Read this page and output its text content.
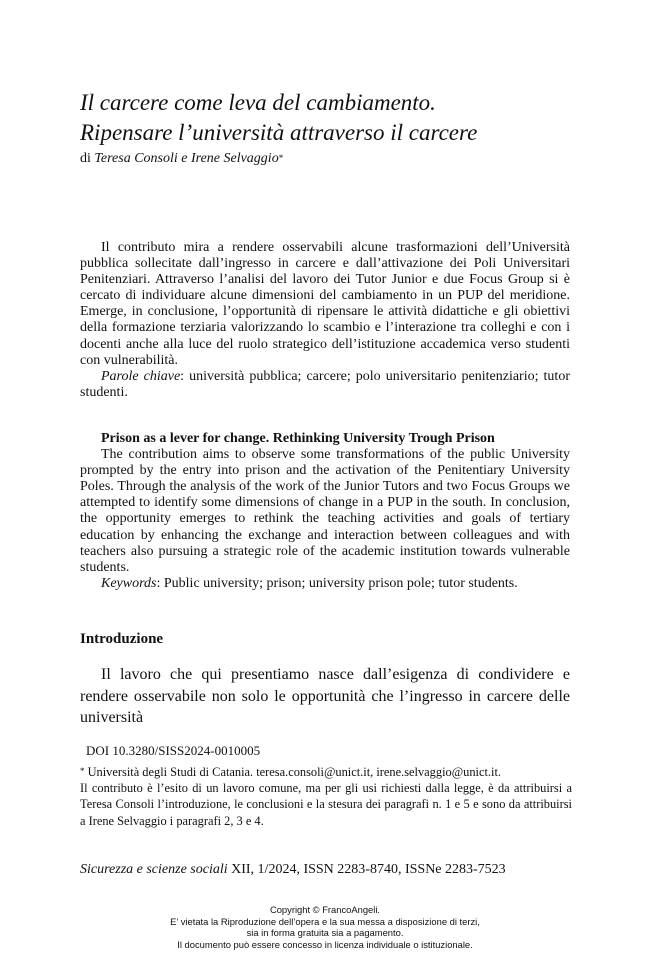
Il carcere come leva del cambiamento.
Ripensare l’università attraverso il carcere
di Teresa Consoli e Irene Selvaggio*

Il contributo mira a rendere osservabili alcune trasformazioni dell’Università pubblica sollecitate dall’ingresso in carcere e dall’attivazione dei Poli Universitari Penitenziari. Attraverso l’analisi del lavoro dei Tutor Junior e due Focus Group si è cercato di individuare alcune dimensioni del cambiamento in un PUP del meridione. Emerge, in conclusione, l’opportunità di ripensare le attività didattiche e gli obiettivi della formazione terziaria valorizzando lo scambio e l’interazione tra colleghi e con i docenti anche alla luce del ruolo strategico dell’istituzione accademica verso studenti con vulnerabilità.

Parole chiave: università pubblica; carcere; polo universitario penitenziario; tutor studenti.

Prison as a lever for change. Rethinking University Trough Prison

The contribution aims to observe some transformations of the public University prompted by the entry into prison and the activation of the Penitentiary University Poles. Through the analysis of the work of the Junior Tutors and two Focus Groups we attempted to identify some dimensions of change in a PUP in the south. In conclusion, the opportunity emerges to rethink the teaching activities and goals of tertiary education by enhancing the exchange and interaction between colleagues and with teachers also pursuing a strategic role of the academic institution towards vulnerable students.

Keywords: Public university; prison; university prison pole; tutor students.

Introduzione

Il lavoro che qui presentiamo nasce dall’esigenza di condividere e rendere osservabile non solo le opportunità che l’ingresso in carcere delle università

DOI 10.3280/SISS2024-0010005
* Università degli Studi di Catania. teresa.consoli@unict.it, irene.selvaggio@unict.it.
Il contributo è l’esito di un lavoro comune, ma per gli usi richiesti dalla legge, è da attribuirsi a Teresa Consoli l’introduzione, le conclusioni e la stesura dei paragrafi n. 1 e 5 e sono da attribuirsi a Irene Selvaggio i paragrafi 2, 3 e 4.
Sicurezza e scienze sociali XII, 1/2024, ISSN 2283-8740, ISSNe 2283-7523
Copyright © FrancoAngeli.
E’ vietata la Riproduzione dell’opera e la sua messa a disposizione di terzi,
sia in forma gratuita sia a pagamento.
Il documento può essere concesso in licenza individuale o istituzionale.
